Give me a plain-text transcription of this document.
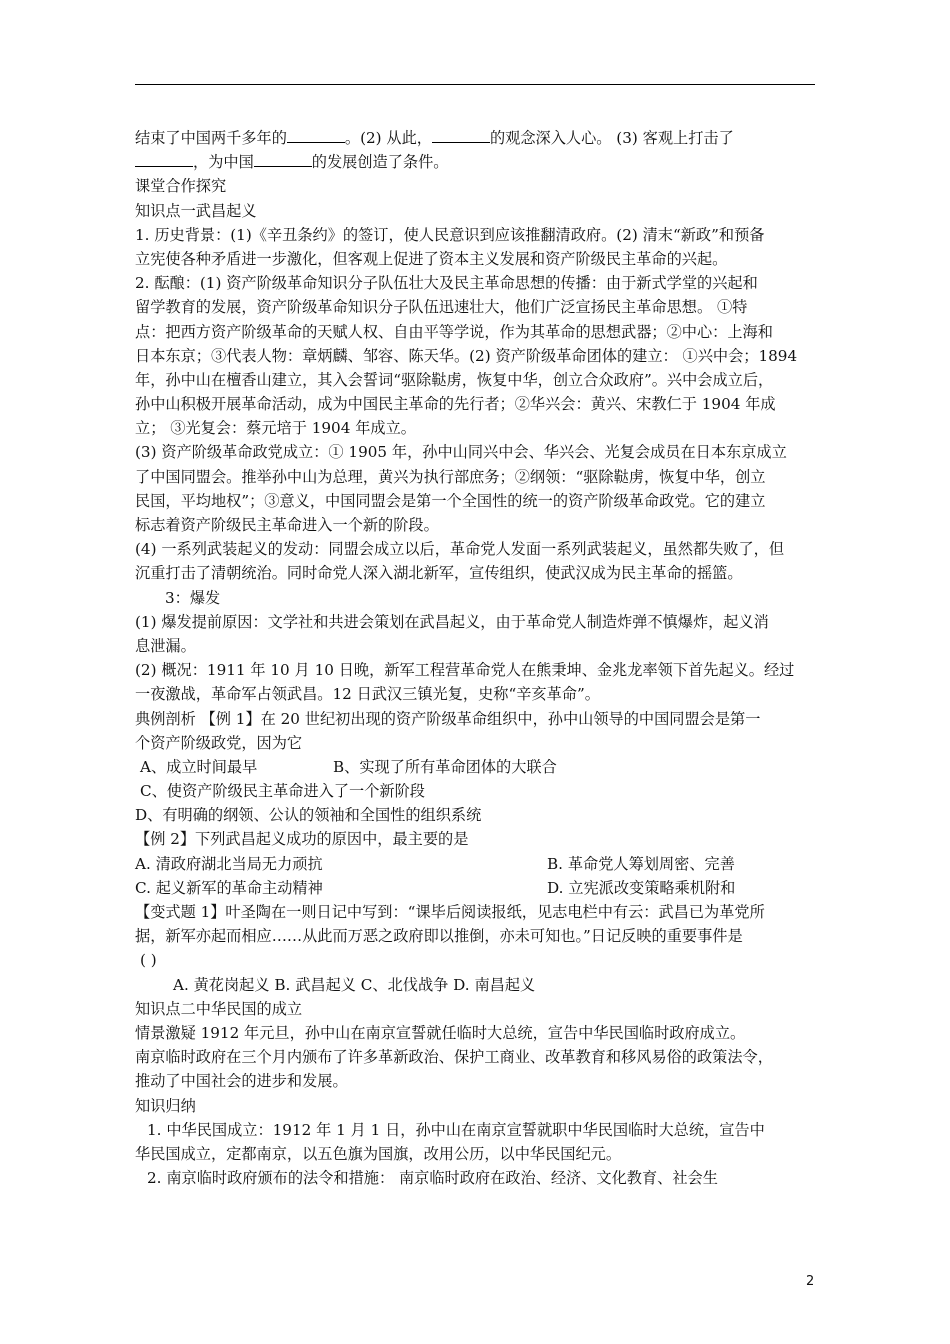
结束了中国两千多年的	。(2) 从此，	的观念深入人心。 (3) 客观上打击了
，为中国	的发展创造了条件。
课堂合作探究
知识点一武昌起义
1. 历史背景：(1)《辛丑条约》的签订，使人民意识到应该推翻清政府。(2) 清末“新政”和预备
立宪使各种矛盾进一步激化，但客观上促进了资本主义发展和资产阶级民主革命的兴起。
2. 酝酿：(1) 资产阶级革命知识分子队伍壮大及民主革命思想的传播：由于新式学堂的兴起和
留学教育的发展，资产阶级革命知识分子队伍迅速壮大，他们广泛宣扬民主革命思想。 ①特
点：把西方资产阶级革命的天赋人权、自由平等学说，作为其革命的思想武器；②中心：上海和
日本东京；③代表人物：章炳麟、邹容、陈天华。(2) 资产阶级革命团体的建立： ①兴中会；1894
年，孙中山在檀香山建立，其入会誓词“驱除鞑虏，恢复中华，创立合众政府”。兴中会成立后，
孙中山积极开展革命活动，成为中国民主革命的先行者；②华兴会：黄兴、宋教仁于 1904 年成
立； ③光复会：蔡元培于 1904 年成立。
(3) 资产阶级革命政党成立：① 1905 年，孙中山同兴中会、华兴会、光复会成员在日本东京成立
了中国同盟会。推举孙中山为总理，黄兴为执行部庶务；②纲领：“驱除鞑虏，恢复中华，创立
民国，平均地权”；③意义，中国同盟会是第一个全国性的统一的资产阶级革命政党。它的建立
标志着资产阶级民主革命进入一个新的阶段。
(4) 一系列武装起义的发动：同盟会成立以后，革命党人发面一系列武装起义，虽然都失败了，但
沉重打击了清朝统治。同时命党人深入湖北新军，宣传组织，使武汉成为民主革命的摇篮。
3：爆发
(1) 爆发提前原因：文学社和共进会策划在武昌起义，由于革命党人制造炸弹不慎爆炸，起义消
息泄漏。
(2) 概况：1911 年 10 月 10 日晚，新军工程营革命党人在熊秉坤、金兆龙率领下首先起义。经过
一夜激战，革命军占领武昌。12 日武汉三镇光复，史称“辛亥革命”。
典例剖析 【例 1】在 20 世纪初出现的资产阶级革命组织中，孙中山领导的中国同盟会是第一
个资产阶级政党，因为它
A、成立时间最早	B、实现了所有革命团体的大联合
C、使资产阶级民主革命进入了一个新阶段
D、有明确的纲领、公认的领袖和全国性的组织系统
【例 2】下列武昌起义成功的原因中，最主要的是
A. 清政府湖北当局无力顽抗	B. 革命党人筹划周密、完善
C. 起义新军的革命主动精神	D. 立宪派改变策略乘机附和
【变式题 1】叶圣陶在一则日记中写到：“课毕后阅读报纸，见志电栏中有云：武昌已为革党所
据，新军亦起而相应……从此而万恶之政府即以推倒，亦未可知也。”日记反映的重要事件是
( )
A. 黄花岗起义 B. 武昌起义 C、北伐战争 D. 南昌起义
知识点二中华民国的成立
情景激疑 1912 年元旦，孙中山在南京宣誓就任临时大总统，宣告中华民国临时政府成立。
南京临时政府在三个月内颁布了许多革新政治、保护工商业、改革教育和移风易俗的政策法令，
推动了中国社会的进步和发展。
知识归纳
1. 中华民国成立：1912 年 1 月 1 日，孙中山在南京宣誓就职中华民国临时大总统，宣告中
华民国成立，定都南京，以五色旗为国旗，改用公历，以中华民国纪元。
2. 南京临时政府颁布的法令和措施： 南京临时政府在政治、经济、文化教育、社会生
2
